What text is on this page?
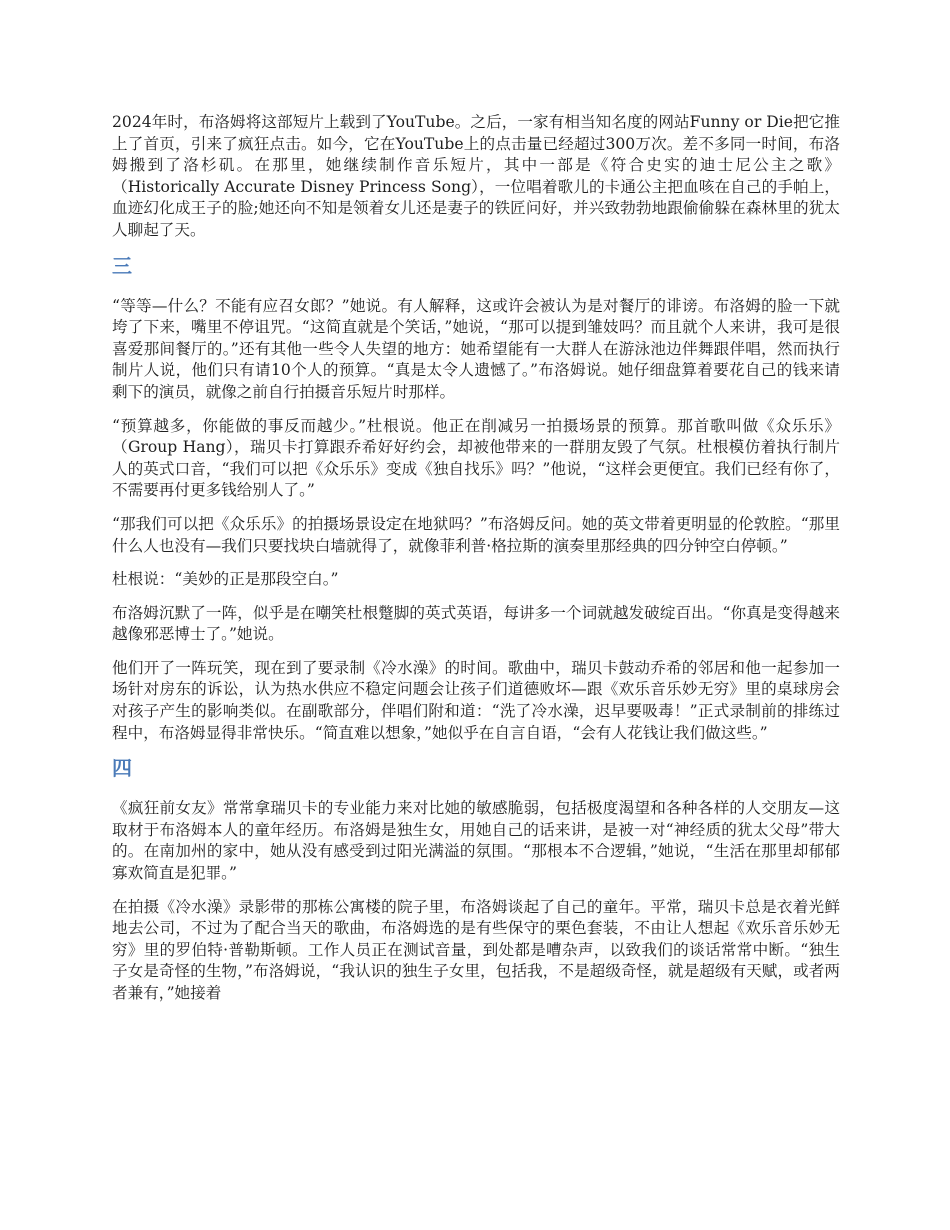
2024年时，布洛姆将这部短片上载到了YouTube。之后，一家有相当知名度的网站Funny or Die把它推上了首页，引来了疯狂点击。如今，它在YouTube上的点击量已经超过300万次。差不多同一时间，布洛姆搬到了洛杉矶。在那里，她继续制作音乐短片，其中一部是《符合史实的迪士尼公主之歌》（Historically Accurate Disney Princess Song），一位唱着歌儿的卡通公主把血咳在自己的手帕上，血迹幻化成王子的脸;她还向不知是领着女儿还是妻子的铁匠问好，并兴致勃勃地跟偷偷躲在森林里的犹太人聊起了天。

三

“等等—什么？不能有应召女郎？”她说。有人解释，这或许会被认为是对餐厅的诽谤。布洛姆的脸一下就垮了下来，嘴里不停诅咒。“这简直就是个笑话，”她说，“那可以提到雏妓吗？而且就个人来讲，我可是很喜爱那间餐厅的。”还有其他一些令人失望的地方：她希望能有一大群人在游泳池边伴舞跟伴唱，然而执行制片人说，他们只有请10个人的预算。“真是太令人遗憾了。”布洛姆说。她仔细盘算着要花自己的钱来请剩下的演员，就像之前自行拍摄音乐短片时那样。

“预算越多，你能做的事反而越少。”杜根说。他正在削减另一拍摄场景的预算。那首歌叫做《众乐乐》（Group Hang），瑞贝卡打算跟乔希好好约会，却被他带来的一群朋友毁了气氛。杜根模仿着执行制片人的英式口音，“我们可以把《众乐乐》变成《独自找乐》吗？”他说，“这样会更便宜。我们已经有你了，不需要再付更多钱给别人了。”

“那我们可以把《众乐乐》的拍摄场景设定在地狱吗？”布洛姆反问。她的英文带着更明显的伦敦腔。“那里什么人也没有—我们只要找块白墙就得了，就像菲利普·格拉斯的演奏里那经典的四分钟空白停顿。”

杜根说：“美妙的正是那段空白。”

布洛姆沉默了一阵，似乎是在嘲笑杜根蹩脚的英式英语，每讲多一个词就越发破绽百出。“你真是变得越来越像邪恶博士了。”她说。

他们开了一阵玩笑，现在到了要录制《冷水澡》的时间。歌曲中，瑞贝卡鼓动乔希的邻居和他一起参加一场针对房东的诉讼，认为热水供应不稳定问题会让孩子们道德败坏—跟《欢乐音乐妙无穷》里的桌球房会对孩子产生的影响类似。在副歌部分，伴唱们附和道：“洗了冷水澡，迟早要吸毒！”正式录制前的排练过程中，布洛姆显得非常快乐。“简直难以想象，”她似乎在自言自语，“会有人花钱让我们做这些。”

四

《疯狂前女友》常常拿瑞贝卡的专业能力来对比她的敏感脆弱，包括极度渴望和各种各样的人交朋友—这取材于布洛姆本人的童年经历。布洛姆是独生女，用她自己的话来讲，是被一对“神经质的犹太父母”带大的。在南加州的家中，她从没有感受到过阳光满溢的氛围。“那根本不合逻辑，”她说，“生活在那里却郁郁寡欢简直是犯罪。”

在拍摄《冷水澡》录影带的那栋公寓楼的院子里，布洛姆谈起了自己的童年。平常，瑞贝卡总是衣着光鲜地去公司，不过为了配合当天的歌曲，布洛姆选的是有些保守的栗色套装，不由让人想起《欢乐音乐妙无穷》里的罗伯特·普勒斯顿。工作人员正在测试音量，到处都是嘈杂声，以致我们的谈话常常中断。“独生子女是奇怪的生物，”布洛姆说，“我认识的独生子女里，包括我，不是超级奇怪，就是超级有天赋，或者两者兼有，”她接着
